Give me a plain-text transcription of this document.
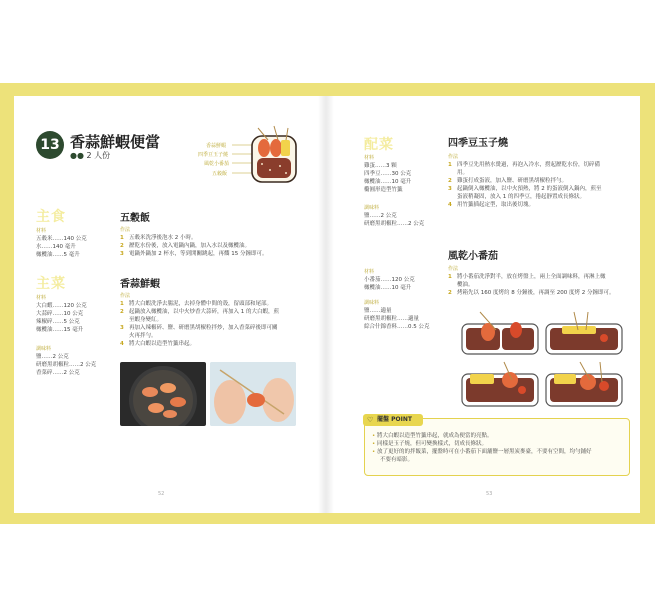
13 香蒜鮮蝦便當
●● 2 人份
香蒜鮮蝦
四季豆玉子燒
風乾小番茄
五穀飯
主食
材料
五穀米……140 公克
水……140 毫升
橄欖油……5 毫升
主菜
材料
大白蝦……120 公克
大蒜碎……10 公克
辣椒碎……5 公克
橄欖油……15 毫升
調味料
鹽……2 公克
研磨黑胡椒粒……2 公克
香菜碎……2 公克
五穀飯
作法
1 五穀米洗淨後泡水 2 小時。
2 瀝乾水份後，放入電鍋內鍋，加入水以及橄欖油。
3 電鍋外鍋加 2 杯水，等到開關跳起，再燜 15 分鐘即可。
香蒜鮮蝦
作法
1 將大白蝦洗淨去腸泥，去掉身體中間的殼，留頭部和尾部。
2 起鍋放入橄欖油，以中火炒香大蒜碎，再加入 1 的大白蝦，煎
至蝦身變紅。
3 再加入辣椒碎、鹽、研磨黑胡椒粒拌炒，加入香菜碎後即可關
火再拌勻。
4 將大白蝦以造型竹籤串起。
52
配菜
材料
雞蛋……3 顆
四季豆……30 公克
橄欖油……10 毫升
橢圓形造型竹籤
調味料
鹽……2 公克
研磨黑胡椒粒……2 公克
材料
小番茄……120 公克
橄欖油……10 毫升
調味料
鹽……適量
研磨黑胡椒粒……適量
綜合什錦香料……0.5 公克
四季豆玉子燒
作法
1 四季豆先用熱水燙過，再泡入冷水，撈起瀝乾水份，切碎備
用。
2 雞蛋打成蛋液，加入鹽、研磨黑胡椒粒拌勻。
3 起鍋倒入橄欖油，以中火預熱，將 2 的蛋液倒入鍋內，煎至
蛋液稍凝固，放入 1 的四季豆，捲起靜置成長條狀。
4 用竹籤插起定型，取出後切塊。
風乾小番茄
作法
1 將小番茄洗淨對半，放在烤盤上，兩上全面調味料，再淋上橄
欖油。
2 烤箱先以 160 度烤約 8 分鐘後，再調至 200 度烤 2 分鐘即可。
♡ 擺盤 POINT
• 將大白蝦以造型竹籤串起，就成為便當的亮點。
• 同樣是玉子燒，但可變換樣式，切成長條狀。
• 放了更好的的拌飯菜，擺盤時可在小番茄下面舖鹽一層黑炭麥臺，不要有空間，均勻鋪好
不要有暗影。
53
